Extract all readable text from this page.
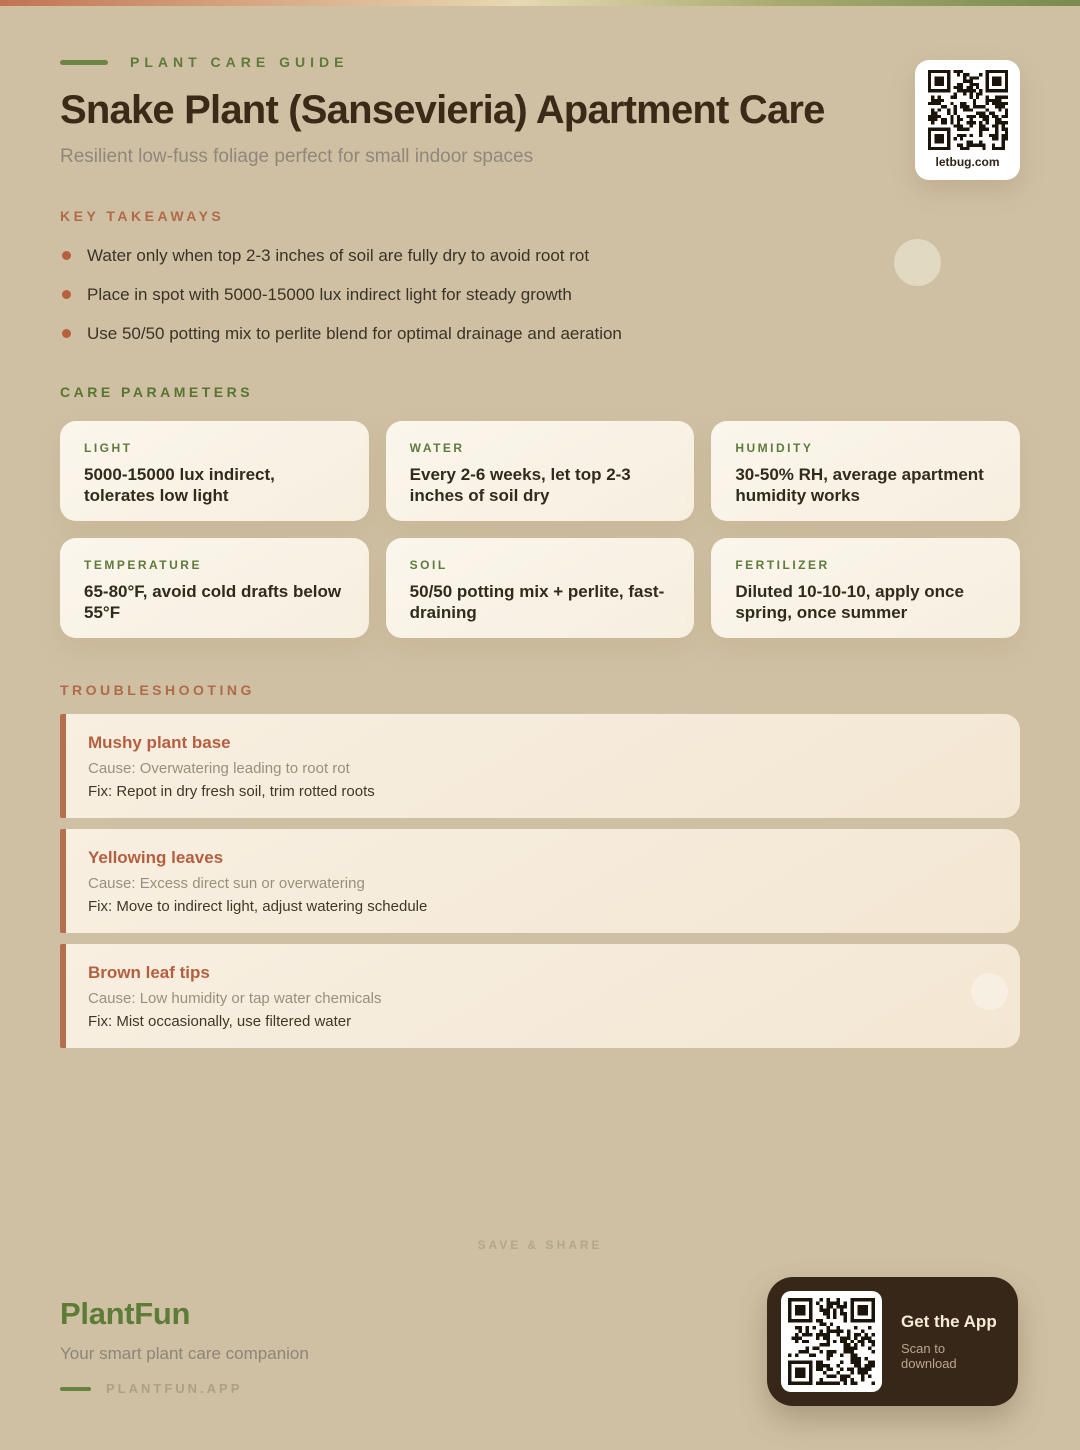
PLANT CARE GUIDE
Snake Plant (Sansevieria) Apartment Care
Resilient low-fuss foliage perfect for small indoor spaces
KEY TAKEAWAYS
Water only when top 2-3 inches of soil are fully dry to avoid root rot
Place in spot with 5000-15000 lux indirect light for steady growth
Use 50/50 potting mix to perlite blend for optimal drainage and aeration
CARE PARAMETERS
LIGHT
5000-15000 lux indirect, tolerates low light
WATER
Every 2-6 weeks, let top 2-3 inches of soil dry
HUMIDITY
30-50% RH, average apartment humidity works
TEMPERATURE
65-80°F, avoid cold drafts below 55°F
SOIL
50/50 potting mix + perlite, fast-draining
FERTILIZER
Diluted 10-10-10, apply once spring, once summer
TROUBLESHOOTING
Mushy plant base
Cause: Overwatering leading to root rot
Fix: Repot in dry fresh soil, trim rotted roots
Yellowing leaves
Cause: Excess direct sun or overwatering
Fix: Move to indirect light, adjust watering schedule
Brown leaf tips
Cause: Low humidity or tap water chemicals
Fix: Mist occasionally, use filtered water
letbug.com
SAVE & SHARE
PlantFun
Your smart plant care companion
PLANTFUN.APP
Get the App
Scan to download
